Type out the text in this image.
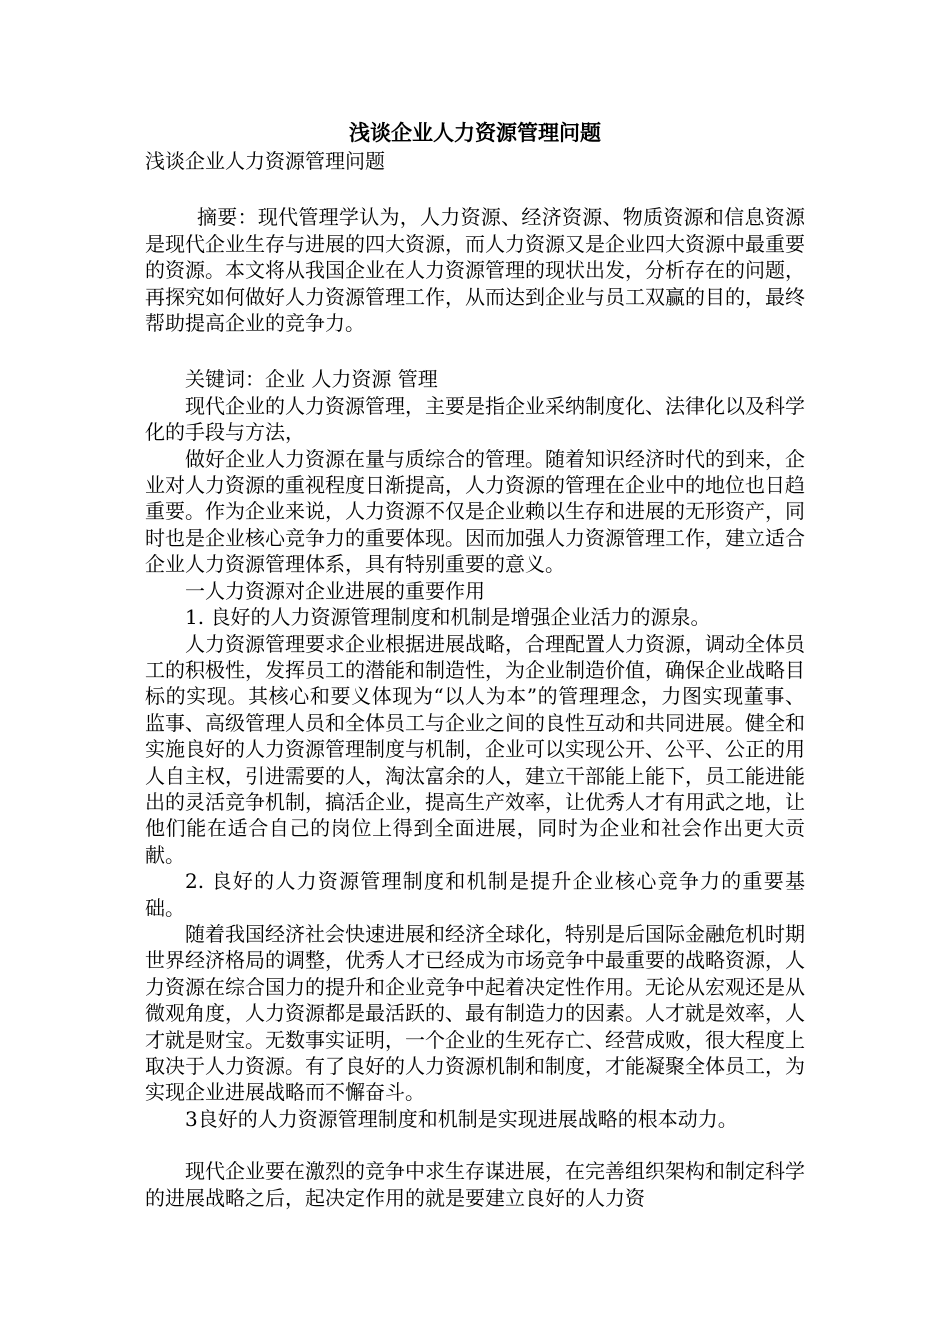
浅谈企业人力资源管理问题

浅谈企业人力资源管理问题

摘要：现代管理学认为，人力资源、经济资源、物质资源和信息资源是现代企业生存与进展的四大资源，而人力资源又是企业四大资源中最重要的资源。本文将从我国企业在人力资源管理的现状出发，分析存在的问题，再探究如何做好人力资源管理工作，从而达到企业与员工双赢的目的，最终帮助提高企业的竞争力。

关键词：企业 人力资源 管理

现代企业的人力资源管理，主要是指企业采纳制度化、法律化以及科学化的手段与方法，

做好企业人力资源在量与质综合的管理。随着知识经济时代的到来，企业对人力资源的重视程度日渐提高，人力资源的管理在企业中的地位也日趋重要。作为企业来说，人力资源不仅是企业赖以生存和进展的无形资产，同时也是企业核心竞争力的重要体现。因而加强人力资源管理工作，建立适合企业人力资源管理体系，具有特别重要的意义。

一人力资源对企业进展的重要作用

1. 良好的人力资源管理制度和机制是增强企业活力的源泉。

人力资源管理要求企业根据进展战略，合理配置人力资源，调动全体员工的积极性，发挥员工的潜能和制造性，为企业制造价值，确保企业战略目标的实现。其核心和要义体现为“以人为本”的管理理念，力图实现董事、监事、高级管理人员和全体员工与企业之间的良性互动和共同进展。健全和实施良好的人力资源管理制度与机制，企业可以实现公开、公平、公正的用人自主权，引进需要的人，淘汰富余的人，建立干部能上能下，员工能进能出的灵活竞争机制，搞活企业，提高生产效率，让优秀人才有用武之地，让他们能在适合自己的岗位上得到全面进展，同时为企业和社会作出更大贡献。

2. 良好的人力资源管理制度和机制是提升企业核心竞争力的重要基础。

随着我国经济社会快速进展和经济全球化，特别是后国际金融危机时期世界经济格局的调整，优秀人才已经成为市场竞争中最重要的战略资源，人力资源在综合国力的提升和企业竞争中起着决定性作用。无论从宏观还是从微观角度，人力资源都是最活跃的、最有制造力的因素。人才就是效率，人才就是财宝。无数事实证明，一个企业的生死存亡、经营成败，很大程度上取决于人力资源。有了良好的人力资源机制和制度，才能凝聚全体员工，为实现企业进展战略而不懈奋斗。

3良好的人力资源管理制度和机制是实现进展战略的根本动力。

现代企业要在激烈的竞争中求生存谋进展，在完善组织架构和制定科学的进展战略之后，起决定作用的就是要建立良好的人力资
